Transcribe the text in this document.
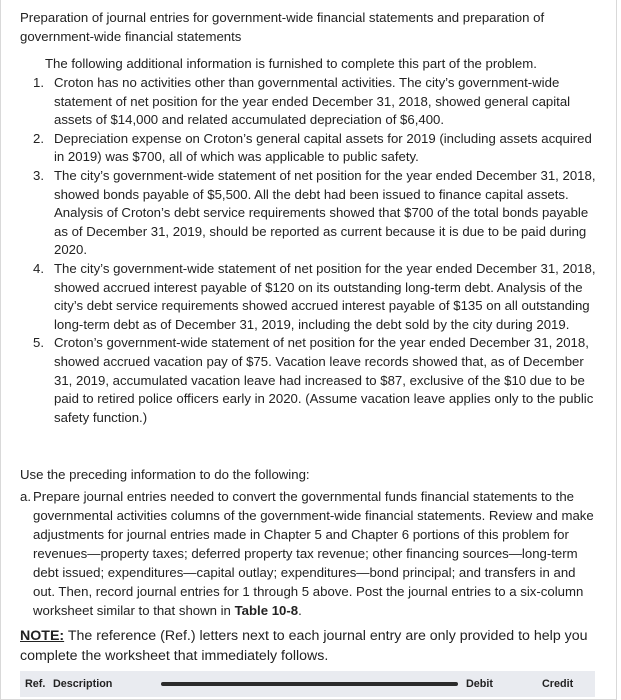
Preparation of journal entries for government-wide financial statements and preparation of government-wide financial statements
The following additional information is furnished to complete this part of the problem.
1. Croton has no activities other than governmental activities. The city’s government-wide statement of net position for the year ended December 31, 2018, showed general capital assets of $14,000 and related accumulated depreciation of $6,400.
2. Depreciation expense on Croton’s general capital assets for 2019 (including assets acquired in 2019) was $700, all of which was applicable to public safety.
3. The city’s government-wide statement of net position for the year ended December 31, 2018, showed bonds payable of $5,500. All the debt had been issued to finance capital assets. Analysis of Croton’s debt service requirements showed that $700 of the total bonds payable as of December 31, 2019, should be reported as current because it is due to be paid during 2020.
4. The city’s government-wide statement of net position for the year ended December 31, 2018, showed accrued interest payable of $120 on its outstanding long-term debt. Analysis of the city’s debt service requirements showed accrued interest payable of $135 on all outstanding long-term debt as of December 31, 2019, including the debt sold by the city during 2019.
5. Croton’s government-wide statement of net position for the year ended December 31, 2018, showed accrued vacation pay of $75. Vacation leave records showed that, as of December 31, 2019, accumulated vacation leave had increased to $87, exclusive of the $10 due to be paid to retired police officers early in 2020. (Assume vacation leave applies only to the public safety function.)
Use the preceding information to do the following:
a. Prepare journal entries needed to convert the governmental funds financial statements to the governmental activities columns of the government-wide financial statements. Review and make adjustments for journal entries made in Chapter 5 and Chapter 6 portions of this problem for revenues—property taxes; deferred property tax revenue; other financing sources—long-term debt issued; expenditures—capital outlay; expenditures—bond principal; and transfers in and out. Then, record journal entries for 1 through 5 above. Post the journal entries to a six-column worksheet similar to that shown in Table 10-8.
NOTE: The reference (Ref.) letters next to each journal entry are only provided to help you complete the worksheet that immediately follows.
Ref. Description	Debit	Credit
